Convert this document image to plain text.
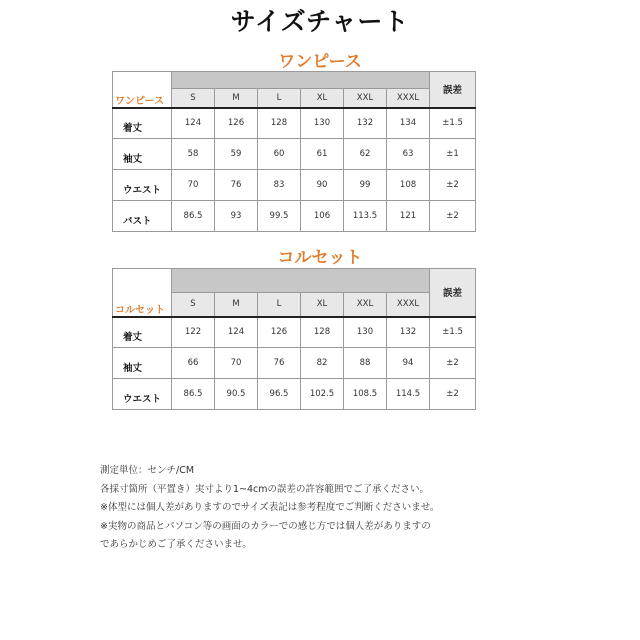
サイズチャート
ワンピース
ワンピース							誤差
	S	M	L	XL	XXL	XXXL	
着丈	124	126	128	130	132	134	±1.5
袖丈	58	59	60	61	62	63	±1
ウエスト	70	76	83	90	99	108	±2
バスト	86.5	93	99.5	106	113.5	121	±2
コルセット
コルセット							誤差
	S	M	L	XL	XXL	XXXL	
着丈	122	124	126	128	130	132	±1.5
袖丈	66	70	76	82	88	94	±2
ウエスト	86.5	90.5	96.5	102.5	108.5	114.5	±2
測定単位：センチ/CM
各採寸箇所（平置き）実寸より1~4cmの誤差の許容範囲でご了承ください。
※体型には個人差がありますのでサイズ表記は参考程度でご判断くださいませ。
※実物の商品とパソコン等の画面のカラーでの感じ方では個人差がありますの
であらかじめご了承くださいませ。
